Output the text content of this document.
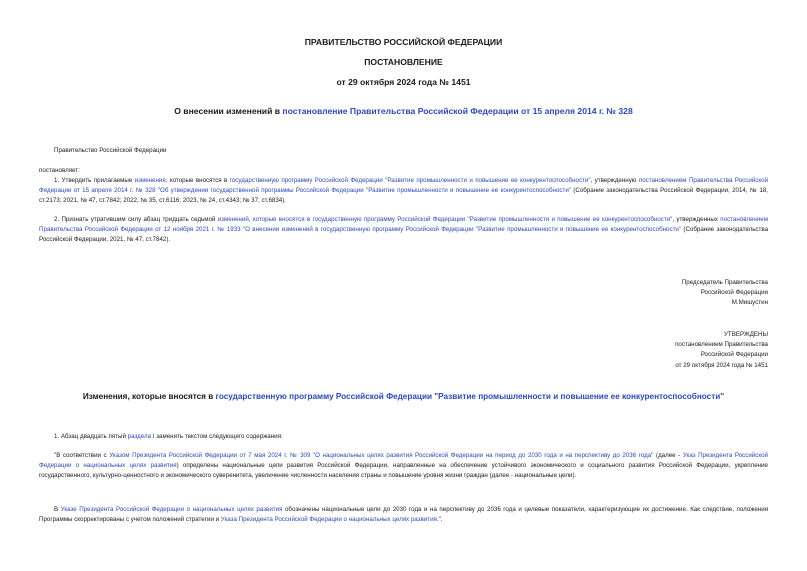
ПРАВИТЕЛЬСТВО РОССИЙСКОЙ ФЕДЕРАЦИИ
ПОСТАНОВЛЕНИЕ
от 29 октября 2024 года № 1451
О внесении изменений в постановление Правительства Российской Федерации от 15 апреля 2014 г. № 328
Правительство Российской Федерации
постановляет:
1. Утвердить прилагаемые изменения, которые вносятся в государственную программу Российской Федерации "Развитие промышленности и повышение ее конкурентоспособности", утвержденную постановлением Правительства Российской Федерации от 15 апреля 2014 г. № 328 "Об утверждении государственной программы Российской Федерации "Развитие промышленности и повышение ее конкурентоспособности" (Собрание законодательства Российской Федерации, 2014, № 18, ст.2173; 2021, № 47, ст.7842; 2022, № 35, ст.6116; 2023, № 24, ст.4343; № 37, ст.6834).
2. Признать утратившим силу абзац тридцать седьмой изменений, которые вносятся в государственную программу Российской Федерации "Развитие промышленности и повышение ее конкурентоспособности", утвержденных постановлением Правительства Российской Федерации от 12 ноября 2021 г. № 1933 "О внесении изменений в государственную программу Российской Федерации "Развитие промышленности и повышение ее конкурентоспособности" (Собрание законодательства Российской Федерации, 2021, № 47, ст.7842).
Председатель Правительства
Российской Федерации
М.Мишустин
УТВЕРЖДЕНЫ
постановлением Правительства
Российской Федерации
от 29 октября 2024 года № 1451
Изменения, которые вносятся в государственную программу Российской Федерации "Развитие промышленности и повышение ее конкурентоспособности"
1. Абзац двадцать пятый раздела I заменить текстом следующего содержания:
"В соответствии с Указом Президента Российской Федерации от 7 мая 2024 г. № 309 "О национальных целях развития Российской Федерации на период до 2030 года и на перспективу до 2036 года" (далее - Указ Президента Российской Федерации о национальных целях развития) определены национальные цели развития Российской Федерации, направленные на обеспечение устойчивого экономического и социального развития Российской Федерации, укрепление государственного, культурно-ценностного и экономического суверенитета, увеличение численности населения страны и повышение уровня жизни граждан (далее - национальные цели).
В Указе Президента Российской Федерации о национальных целях развития обозначены национальные цели до 2030 года и на перспективу до 2036 года и целевые показатели, характеризующие их достижение. Как следствие, положения Программы скорректированы с учетом положений стратегии и Указа Президента Российской Федерации о национальных целях развития.".
